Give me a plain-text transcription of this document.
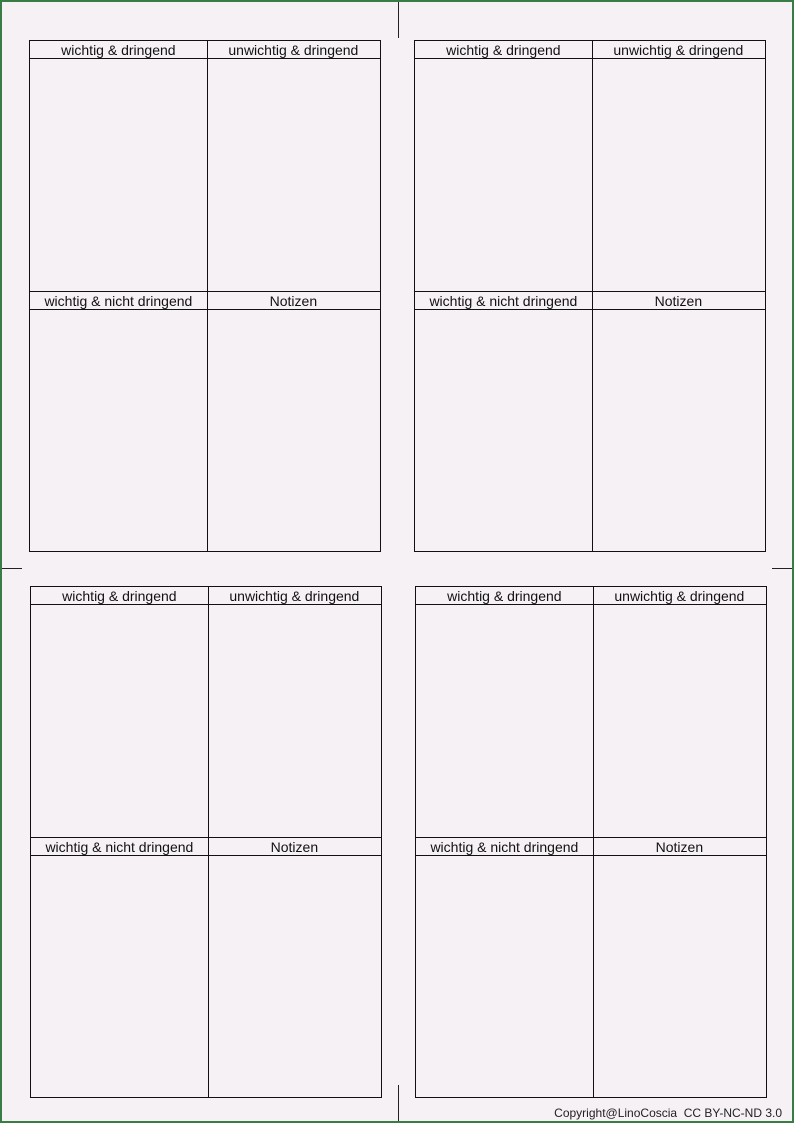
wichtig & dringend	unwichtig & dringend
wichtig & nicht dringend	Notizen
wichtig & dringend	unwichtig & dringend
wichtig & nicht dringend	Notizen
wichtig & dringend	unwichtig & dringend
wichtig & nicht dringend	Notizen
wichtig & dringend	unwichtig & dringend
wichtig & nicht dringend	Notizen
Copyright@LinoCoscia CC BY-NC-ND 3.0
